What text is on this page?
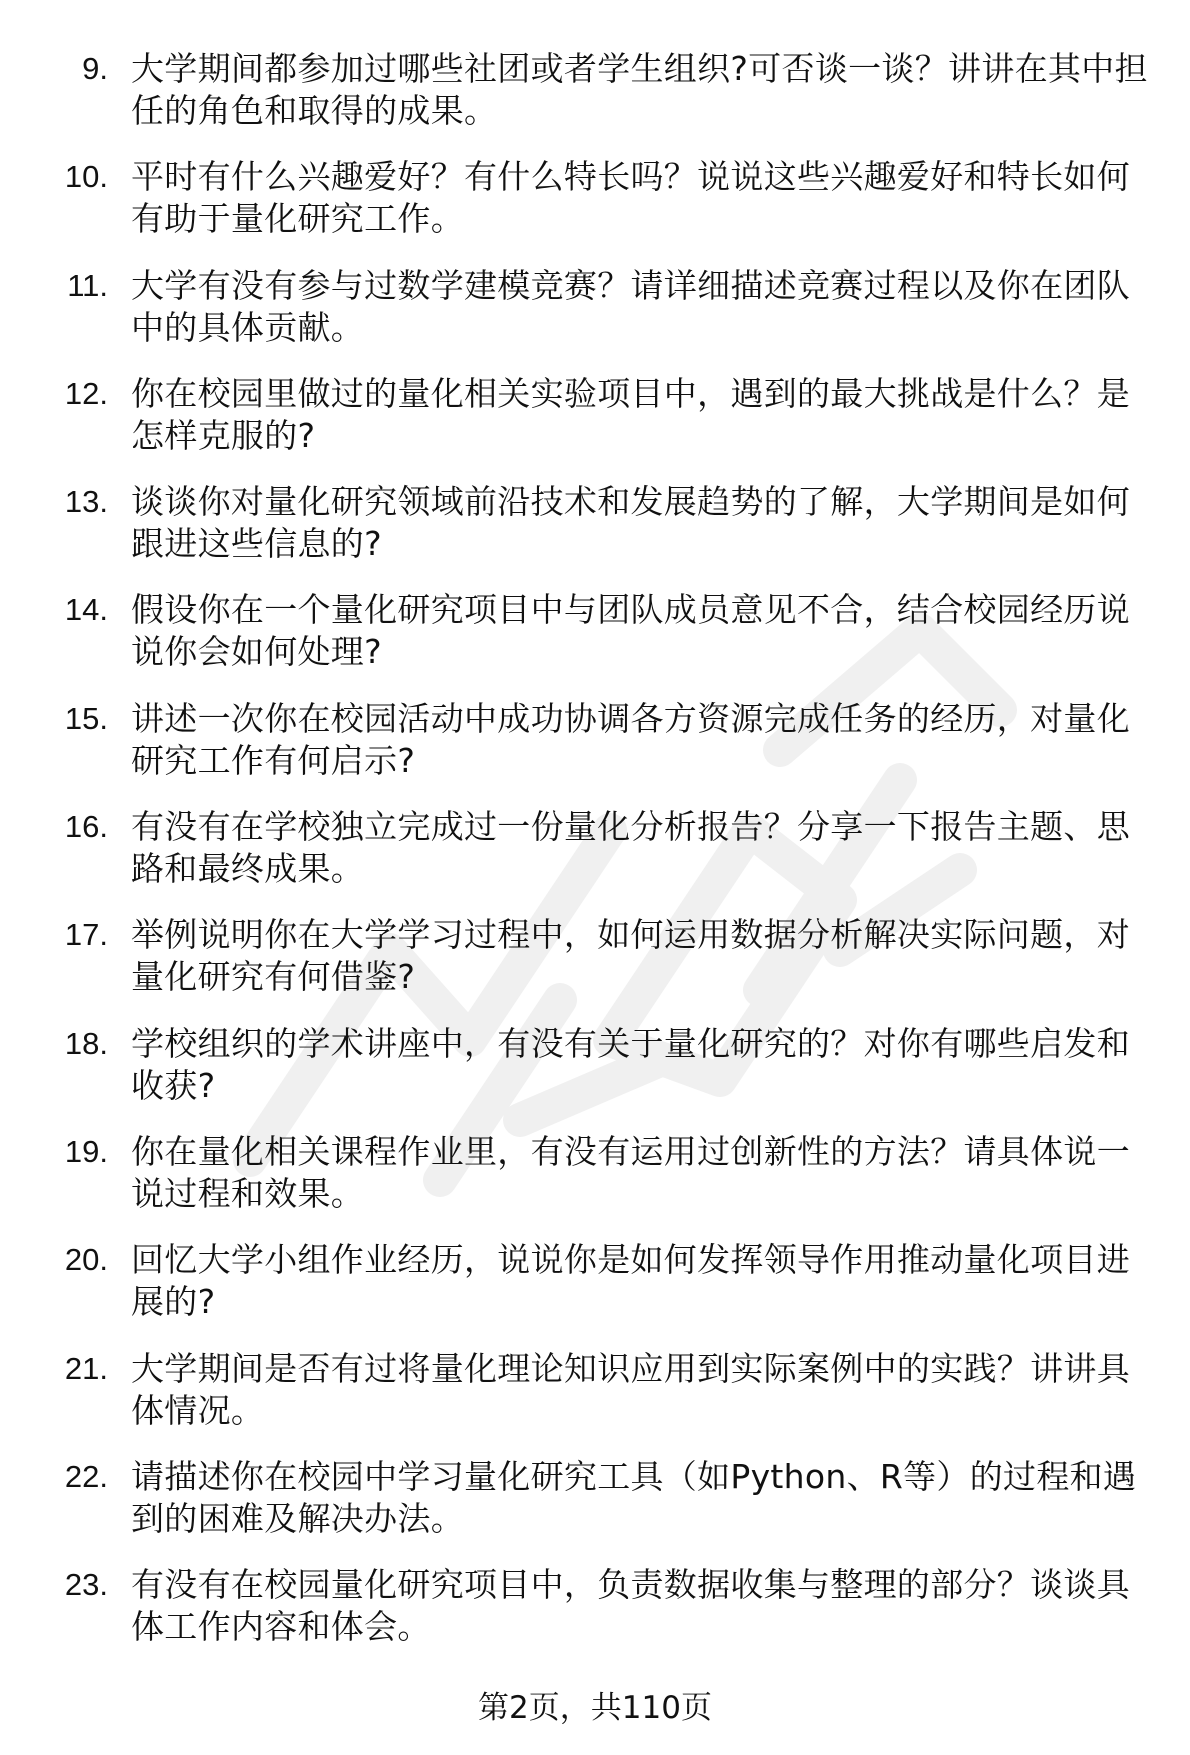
9. 大学期间都参加过哪些社团或者学生组织?可否谈一谈？讲讲在其中担任的角色和取得的成果。
10. 平时有什么兴趣爱好？有什么特长吗？说说这些兴趣爱好和特长如何有助于量化研究工作。
11. 大学有没有参与过数学建模竞赛？请详细描述竞赛过程以及你在团队中的具体贡献。
12. 你在校园里做过的量化相关实验项目中，遇到的最大挑战是什么？是怎样克服的?
13. 谈谈你对量化研究领域前沿技术和发展趋势的了解，大学期间是如何跟进这些信息的?
14. 假设你在一个量化研究项目中与团队成员意见不合，结合校园经历说说你会如何处理?
15. 讲述一次你在校园活动中成功协调各方资源完成任务的经历，对量化研究工作有何启示?
16. 有没有在学校独立完成过一份量化分析报告？分享一下报告主题、思路和最终成果。
17. 举例说明你在大学学习过程中，如何运用数据分析解决实际问题，对量化研究有何借鉴?
18. 学校组织的学术讲座中，有没有关于量化研究的？对你有哪些启发和收获?
19. 你在量化相关课程作业里，有没有运用过创新性的方法？请具体说一说过程和效果。
20. 回忆大学小组作业经历，说说你是如何发挥领导作用推动量化项目进展的?
21. 大学期间是否有过将量化理论知识应用到实际案例中的实践？讲讲具体情况。
22. 请描述你在校园中学习量化研究工具（如Python、R等）的过程和遇到的困难及解决办法。
23. 有没有在校园量化研究项目中，负责数据收集与整理的部分？谈谈具体工作内容和体会。
第2页，共110页
